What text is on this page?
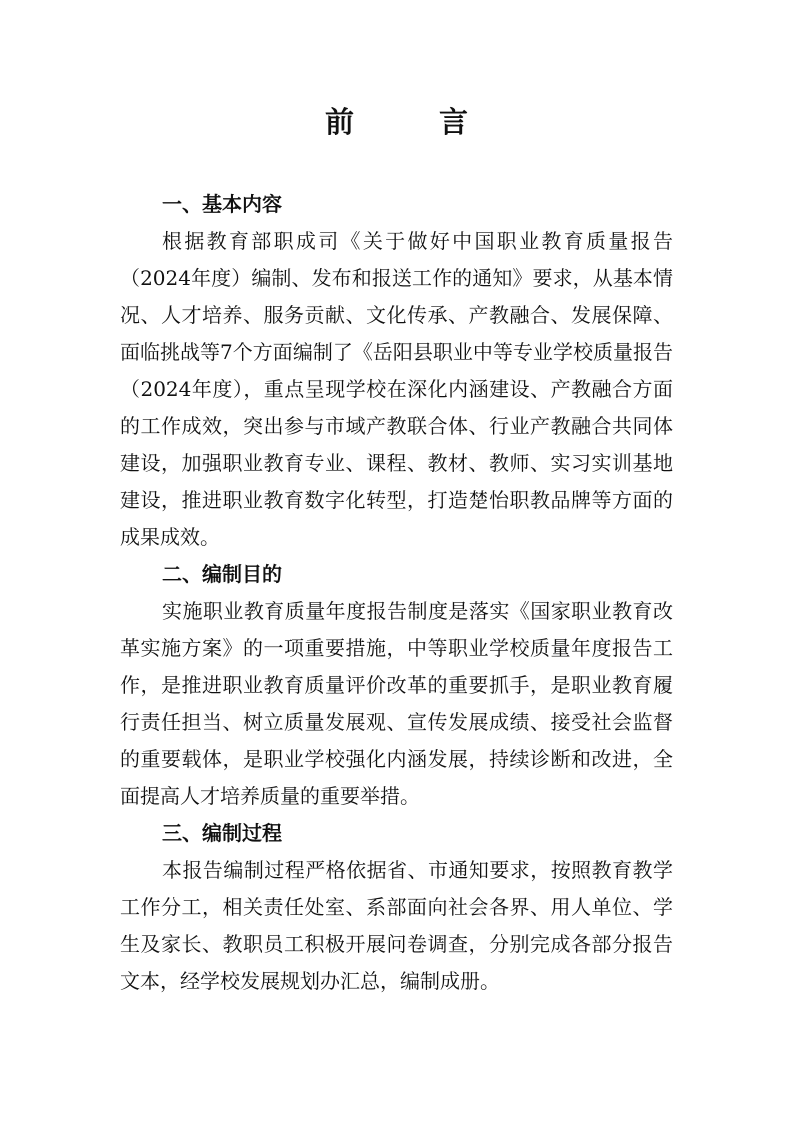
前　言
一、基本内容

根据教育部职成司《关于做好中国职业教育质量报告（2024年度）编制、发布和报送工作的通知》要求，从基本情况、人才培养、服务贡献、文化传承、产教融合、发展保障、面临挑战等7个方面编制了《岳阳县职业中等专业学校质量报告（2024年度），重点呈现学校在深化内涵建设、产教融合方面的工作成效，突出参与市域产教联合体、行业产教融合共同体建设，加强职业教育专业、课程、教材、教师、实习实训基地建设，推进职业教育数字化转型，打造楚怡职教品牌等方面的成果成效。

二、编制目的

实施职业教育质量年度报告制度是落实《国家职业教育改革实施方案》的一项重要措施，中等职业学校质量年度报告工作，是推进职业教育质量评价改革的重要抓手，是职业教育履行责任担当、树立质量发展观、宣传发展成绩、接受社会监督的重要载体，是职业学校强化内涵发展，持续诊断和改进，全面提高人才培养质量的重要举措。

三、编制过程

本报告编制过程严格依据省、市通知要求，按照教育教学工作分工，相关责任处室、系部面向社会各界、用人单位、学生及家长、教职员工积极开展问卷调查，分别完成各部分报告文本，经学校发展规划办汇总，编制成册。
